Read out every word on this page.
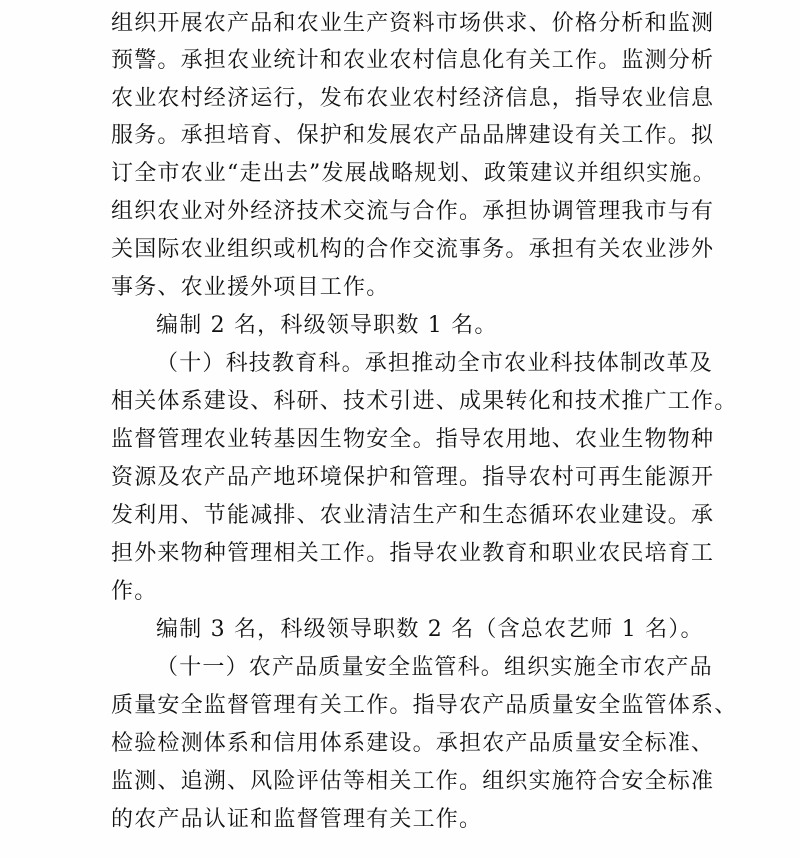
组织开展农产品和农业生产资料市场供求、价格分析和监测
预警。承担农业统计和农业农村信息化有关工作。监测分析
农业农村经济运行，发布农业农村经济信息，指导农业信息
服务。承担培育、保护和发展农产品品牌建设有关工作。拟
订全市农业“走出去”发展战略规划、政策建议并组织实施。
组织农业对外经济技术交流与合作。承担协调管理我市与有
关国际农业组织或机构的合作交流事务。承担有关农业涉外
事务、农业援外项目工作。
编制 2 名，科级领导职数 1 名。
（十）科技教育科。承担推动全市农业科技体制改革及
相关体系建设、科研、技术引进、成果转化和技术推广工作。
监督管理农业转基因生物安全。指导农用地、农业生物物种
资源及农产品产地环境保护和管理。指导农村可再生能源开
发利用、节能减排、农业清洁生产和生态循环农业建设。承
担外来物种管理相关工作。指导农业教育和职业农民培育工
作。
编制 3 名，科级领导职数 2 名（含总农艺师 1 名）。
（十一）农产品质量安全监管科。组织实施全市农产品
质量安全监督管理有关工作。指导农产品质量安全监管体系、
检验检测体系和信用体系建设。承担农产品质量安全标准、
监测、追溯、风险评估等相关工作。组织实施符合安全标准
的农产品认证和监督管理有关工作。
